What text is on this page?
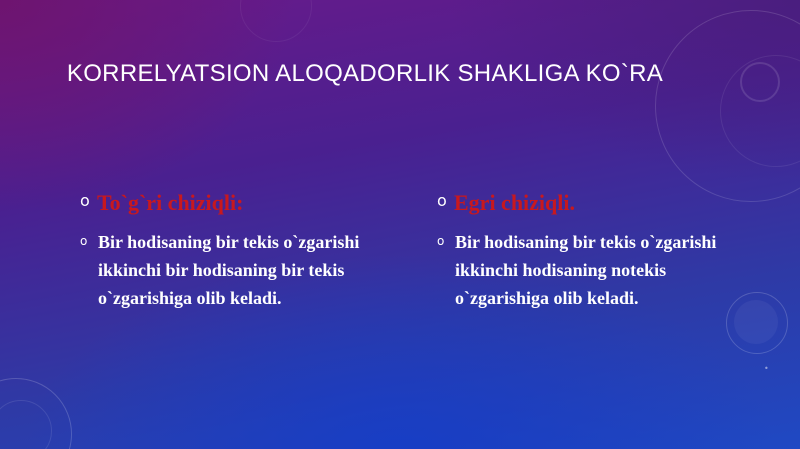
KORRELYATSION ALOQADORLIK SHAKLIGA KO`RA
o To`g`ri chiziqli:
o Bir hodisaning bir tekis o`zgarishi ikkinchi bir hodisaning bir tekis o`zgarishiga olib keladi.
o Egri chiziqli.
o Bir hodisaning bir tekis o`zgarishi ikkinchi hodisaning notekis o`zgarishiga olib keladi.
•
